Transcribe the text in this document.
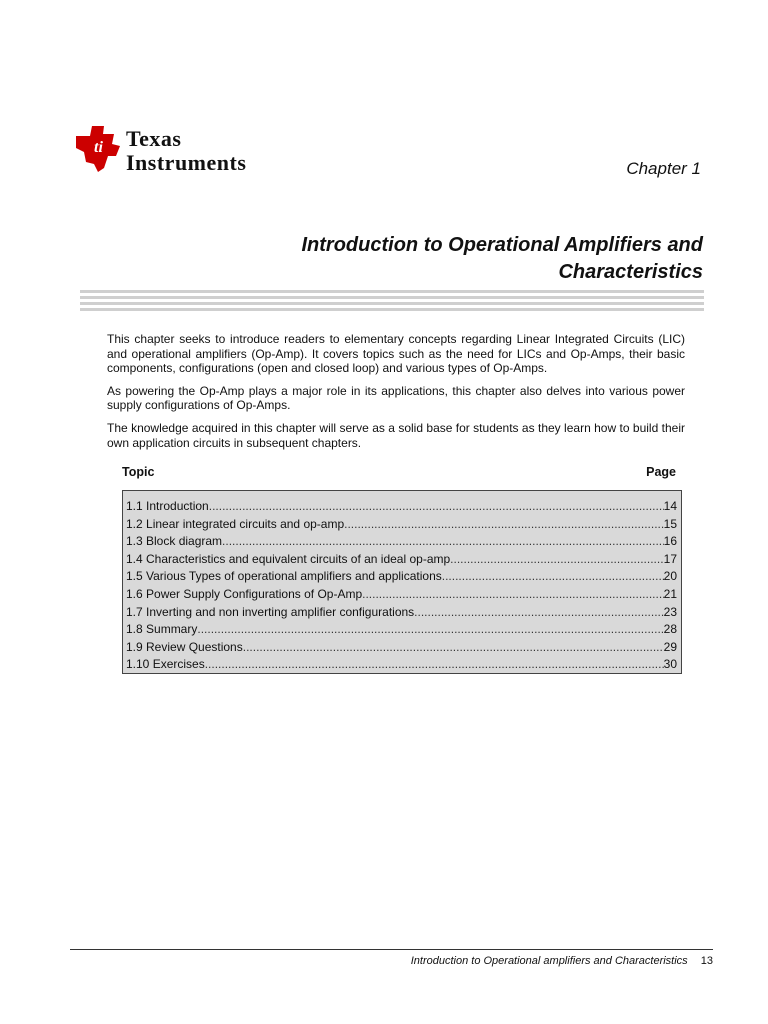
ti Texas
Instruments	Chapter 1
Introduction to Operational Amplifiers and Characteristics

This chapter seeks to introduce readers to elementary concepts regarding Linear Integrated Circuits (LIC) and operational amplifiers (Op-Amp). It covers topics such as the need for LICs and Op-Amps, their basic components, configurations (open and closed loop) and various types of Op-Amps.

As powering the Op-Amp plays a major role in its applications, this chapter also delves into various power supply configurations of Op-Amps.

The knowledge acquired in this chapter will serve as a solid base for students as they learn how to build their own application circuits in subsequent chapters.

Topic	Page
1.1 Introduction .....	14
1.2 Linear integrated circuits and op-amp .....	15
1.3 Block diagram .....	16
1.4 Characteristics and equivalent circuits of an ideal op-amp .....	17
1.5 Various Types of operational amplifiers and applications .....	20
1.6 Power Supply Configurations of Op-Amp .....	21
1.7 Inverting and non inverting amplifier configurations .....	23
1.8 Summary .....	28
1.9 Review Questions .....	29
1.10 Exercises .....	30
Introduction to Operational amplifiers and Characteristics 13
